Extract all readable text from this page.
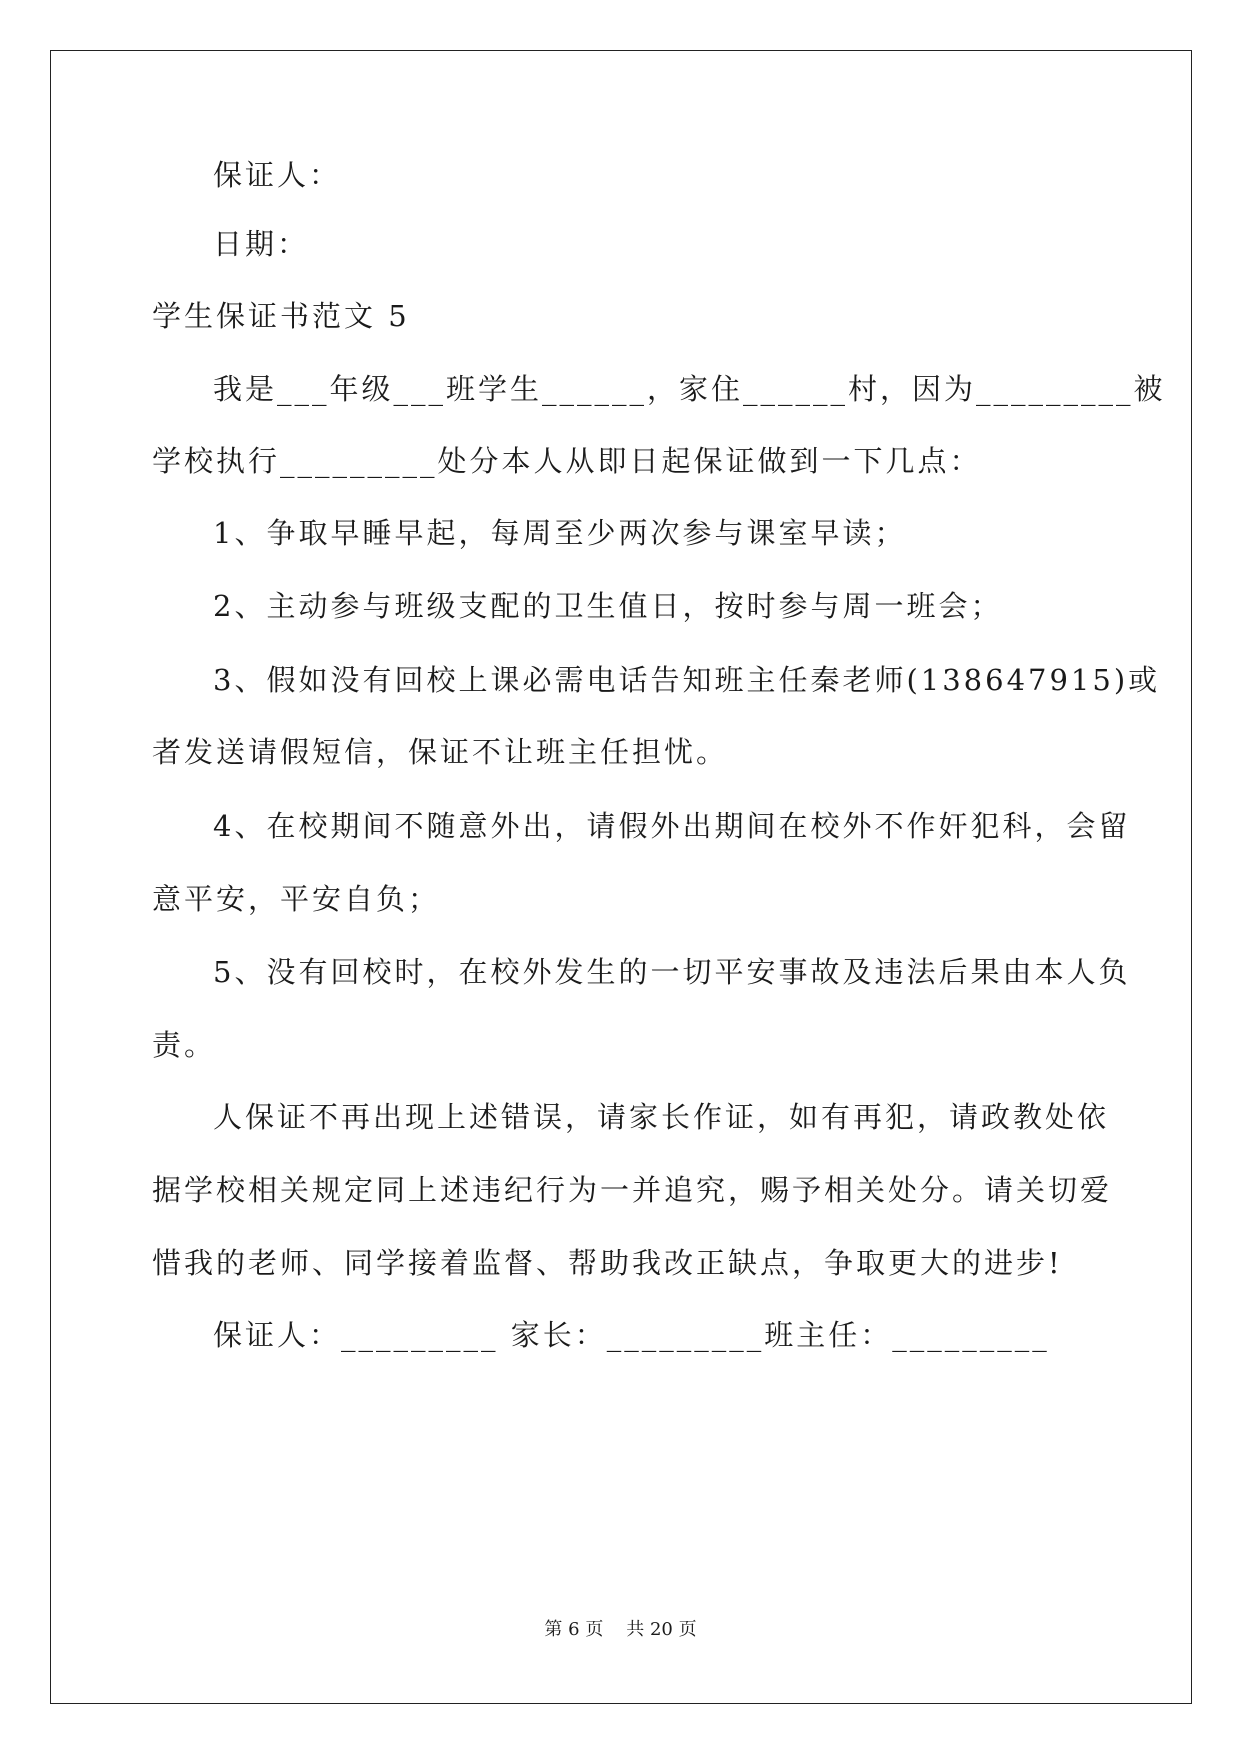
保证人：

日期：

学生保证书范文 5

我是___年级___班学生______，家住______村，因为_________被

学校执行_________处分本人从即日起保证做到一下几点：

1、争取早睡早起，每周至少两次参与课室早读；

2、主动参与班级支配的卫生值日，按时参与周一班会；

3、假如没有回校上课必需电话告知班主任秦老师(138647915)或

者发送请假短信，保证不让班主任担忧。

4、在校期间不随意外出，请假外出期间在校外不作奸犯科，会留

意平安，平安自负；

5、没有回校时，在校外发生的一切平安事故及违法后果由本人负

责。

人保证不再出现上述错误，请家长作证，如有再犯，请政教处依

据学校相关规定同上述违纪行为一并追究，赐予相关处分。请关切爱

惜我的老师、同学接着监督、帮助我改正缺点，争取更大的进步!

保证人：_________ 家长：_________班主任：_________

第 6 页 共 20 页
